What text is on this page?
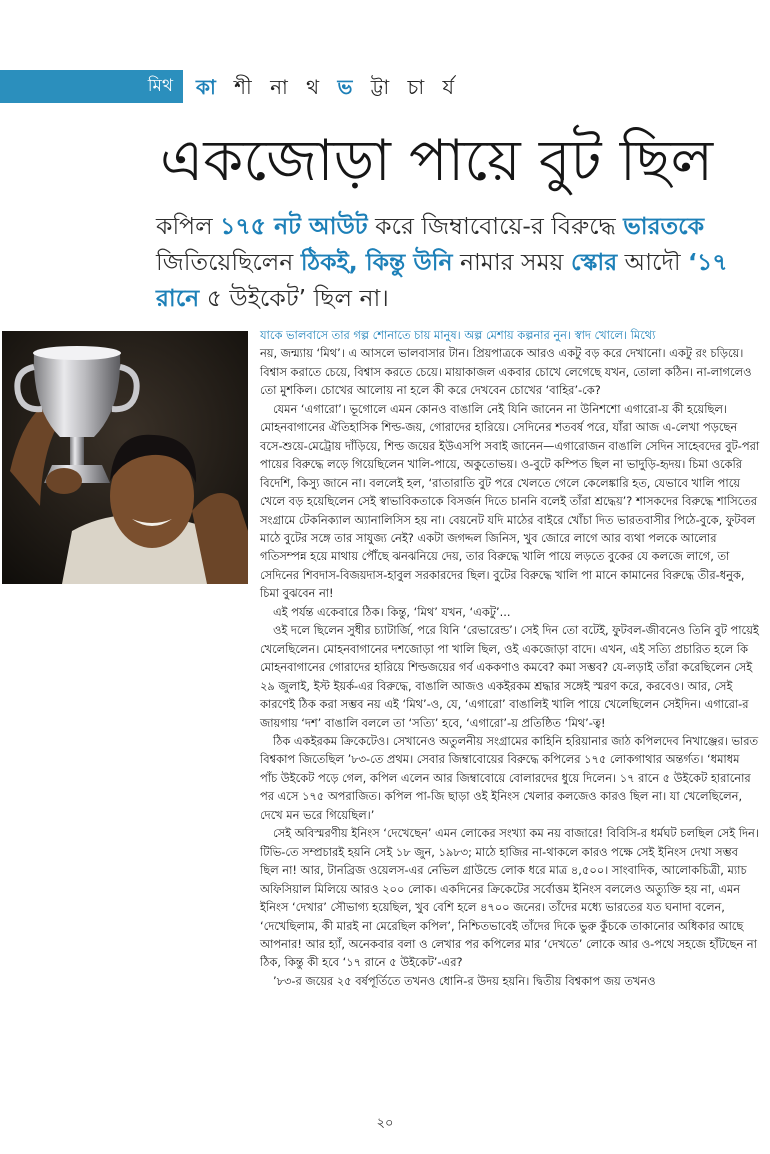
মিথ	কা শী না থ ভ ট্টা চা র্য
একজোড়া পায়ে বুট ছিল
কপিল ১৭৫ নট আউট করে জিম্বাবোয়ে-র বিরুদ্ধে ভারতকে জিতিয়েছিলেন ঠিকই, কিন্তু উনি নামার সময় স্কোর আদৌ ‘১৭ রানে ৫ উইকেট’ ছিল না।

যাকে ভালবাসে তার গল্প শোনাতে চায় মানুষ। অল্প মেশায় কল্পনার নুন। স্বাদ খোলে। মিথ্যে

নয়, জন্ম্যায় ‘মিথ’। এ আসলে ভালবাসার টান। প্রিয়পাত্রকে আরও একটু বড় করে দেখানো। একটু রং চড়িয়ে। বিশ্বাস করাতে চেয়ে, বিশ্বাস করতে চেয়ে। মায়াকাজল একবার চোখে লেগেছে যখন, তোলা কঠিন। না-লাগলেও তো মুশকিল। চোখের আলোয় না হলে কী করে দেখবেন চোখের ‘বাহির’-কে?

যেমন ‘এগারো’। ভূগোলে এমন কোনও বাঙালি নেই যিনি জানেন না উনিশশো এগারো-য় কী হয়েছিল। মোহনবাগানের ঐতিহাসিক শিল্ড-জয়, গোরাদের হারিয়ে। সেদিনের শতবর্ষ পরে, যাঁরা আজ এ-লেখা পড়ছেন বসে-শুয়ে-মেট্রোয় দাঁড়িয়ে, শিল্ড জয়ের ইউএসপি সবাই জানেন—এগারোজন বাঙালি সেদিন সাহেবদের বুট-পরা পায়ের বিরুদ্ধে লড়ে গিয়েছিলেন খালি-পায়ে, অকুতোভয়। ও-বুটে কম্পিত ছিল না ভাদুড়ি-হৃদয়। চিমা ওকেরি বিদেশি, কিস্যু জানে না। বললেই হল, ‘রাতারাতি বুট পরে খেলতে গেলে কেলেঙ্কারি হত, যেভাবে খালি পায়ে খেলে বড় হয়েছিলেন সেই স্বাভাবিকতাকে বিসর্জন দিতে চাননি বলেই তাঁরা শ্রদ্ধেয়’? শাসকদের বিরুদ্ধে শাসিতের সংগ্রামে টেকনিক্যাল অ্যানালিসিস হয় না। বেয়নেট যদি মাঠের বাইরে খোঁচা দিত ভারতবাসীর পিঠে-বুকে, ফুটবল মাঠে বুটের সঙ্গে তার সাযুজ্য নেই? একটা জগদ্দল জিনিস, খুব জোরে লাগে আর ব্যথা পলকে আলোর গতিসম্পন্ন হয়ে মাথায় পৌঁছে ঝনঝনিয়ে দেয়, তার বিরুদ্ধে খালি পায়ে লড়তে বুকের যে কলজে লাগে, তা সেদিনের শিবদাস-বিজয়দাস-হাবুল সরকারদের ছিল। বুটের বিরুদ্ধে খালি পা মানে কামানের বিরুদ্ধে তীর-ধনুক, চিমা বুঝবেন না!

এই পর্যন্ত একেবারে ঠিক। কিন্তু, ‘মিথ’ যখন, ‘একটু’...

ওই দলে ছিলেন সুধীর চ্যাটার্জি, পরে যিনি ‘রেভারেন্ড’। সেই দিন তো বটেই, ফুটবল-জীবনেও তিনি বুট পায়েই খেলেছিলেন। মোহনবাগানের দশজোড়া পা খালি ছিল, ওই একজোড়া বাদে। এখন, এই সত্যি প্রচারিত হলে কি মোহনবাগানের গোরাদের হারিয়ে শিল্ডজয়ের গর্ব এককণাও কমবে? কমা সম্ভব? যে-লড়াই তাঁরা করেছিলেন সেই ২৯ জুলাই, ইস্ট ইয়র্ক-এর বিরুদ্ধে, বাঙালি আজও একইরকম শ্রদ্ধার সঙ্গেই স্মরণ করে, করবেও। আর, সেই কারণেই ঠিক করা সম্ভব নয় এই ‘মিথ’-ও, যে, ‘এগারো’ বাঙালিই খালি পায়ে খেলেছিলেন সেইদিন। এগারো-র জায়গায় ‘দশ’ বাঙালি বললে তা ‘সত্যি’ হবে, ‘এগারো’-য় প্রতিষ্ঠিত ‘মিথ’-ত্ব!

ঠিক একইরকম ক্রিকেটেও। সেখানেও অতুলনীয় সংগ্রামের কাহিনি হরিয়ানার জাঠ কপিলদেব নিখাঞ্জের। ভারত বিশ্বকাপ জিতেছিল ’৮৩-তে প্রথম। সেবার জিম্বাবোয়ের বিরুদ্ধে কপিলের ১৭৫ লোকগাথার অন্তর্গত। ‘ধমাধম পাঁচ উইকেট পড়ে গেল, কপিল এলেন আর জিম্বাবোয়ে বোলারদের ধুয়ে দিলেন। ১৭ রানে ৫ উইকেট হারানোর পর এসে ১৭৫ অপরাজিত। কপিল পা-জি ছাড়া ওই ইনিংস খেলার কলজেও কারও ছিল না। যা খেলেছিলেন, দেখে মন ভরে গিয়েছিল।’

সেই অবিস্মরণীয় ইনিংস ‘দেখেছেন’ এমন লোকের সংখ্যা কম নয় বাজারে! বিবিসি-র ধর্মঘট চলছিল সেই দিন। টিভি-তে সম্প্রচারই হয়নি সেই ১৮ জুন, ১৯৮৩; মাঠে হাজির না-থাকলে কারও পক্ষে সেই ইনিংস দেখা সম্ভব ছিল না! আর, টানব্রিজ ওয়েলস-এর নেভিল গ্রাউন্ডে লোক ধরে মাত্র ৪,৫০০। সাংবাদিক, আলোকচিত্রী, ম্যাচ অফিসিয়াল মিলিয়ে আরও ২০০ লোক। একদিনের ক্রিকেটের সর্বোত্তম ইনিংস বললেও অত্যুক্তি হয় না, এমন ইনিংস ‘দেখার’ সৌভাগ্য হয়েছিল, খুব বেশি হলে ৪৭০০ জনের। তাঁদের মধ্যে ভারতের যত ঘনাদা বলেন, ‘দেখেছিলাম, কী মারই না মেরেছিল কপিল’, নিশ্চিতভাবেই তাঁদের দিকে ভুরু কুঁচকে তাকানোর অধিকার আছে আপনার! আর হ্যাঁ, অনেকবার বলা ও লেখার পর কপিলের মার ‘দেখতে’ লোকে আর ও-পথে সহজে হাঁটছেন না ঠিক, কিন্তু কী হবে ‘১৭ রানে ৫ উইকেট’-এর?

’৮৩-র জয়ের ২৫ বর্ষপূর্তিতে তখনও ধোনি-র উদয় হয়নি। দ্বিতীয় বিশ্বকাপ জয় তখনও

২০
